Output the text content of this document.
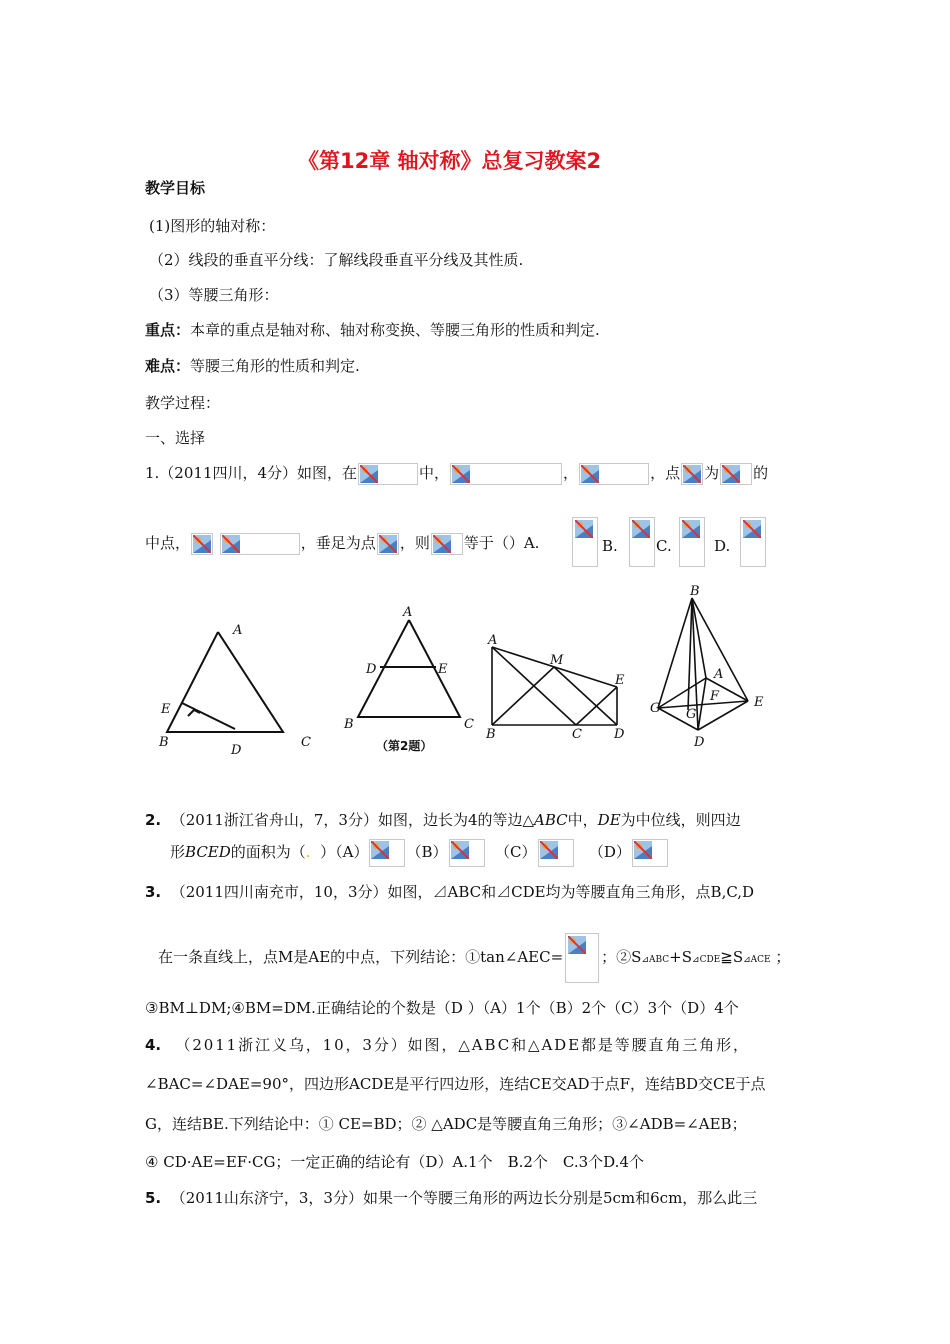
《第12章 轴对称》总复习教案2
教学目标
(1)图形的轴对称：
（2）线段的垂直平分线：了解线段垂直平分线及其性质.
（3）等腰三角形：
重点：本章的重点是轴对称、轴对称变换、等腰三角形的性质和判定.
难点：等腰三角形的性质和判定.
教学过程：
一、选择
1.（2011四川，4分）如图，在	中，	，	，点 为 的
中点，
	，垂足为点 ，则 等于（）A.	B.	C.	D.
A
E
B
D
C
A
D	E
B	C
（第2题）
A
M
E
B	C D
B
A
F
G G
E
D
2. （2011浙江省舟山，7，3分）如图，边长为4的等边△ABC中，DE为中位线，则四边
形BCED的面积为（. ）（A）	（B）	（C）	（D）
3. （2011四川南充市，10，3分）如图，⊿ABC和⊿CDE均为等腰直角三角形，点B,C,D
在一条直线上，点M是AE的中点，下列结论：①tan∠AEC=	；②S⊿ABC+S⊿CDE≧S⊿ACE ；
③BM⊥DM;④BM=DM.正确结论的个数是（D ）（A）1个（B）2个（C）3个（D）4个
4. （2011浙江义乌，10，3分）如图，△ABC和△ADE都是等腰直角三角形，
∠BAC=∠DAE=90°，四边形ACDE是平行四边形，连结CE交AD于点F，连结BD交CE于点
G，连结BE.下列结论中：① CE=BD；② △ADC是等腰直角三角形；③∠ADB=∠AEB；
④ CD·AE=EF·CG；一定正确的结论有（D）A.1个　B.2个　C.3个D.4个
5. （2011山东济宁，3，3分）如果一个等腰三角形的两边长分别是5cm和6cm，那么此三
